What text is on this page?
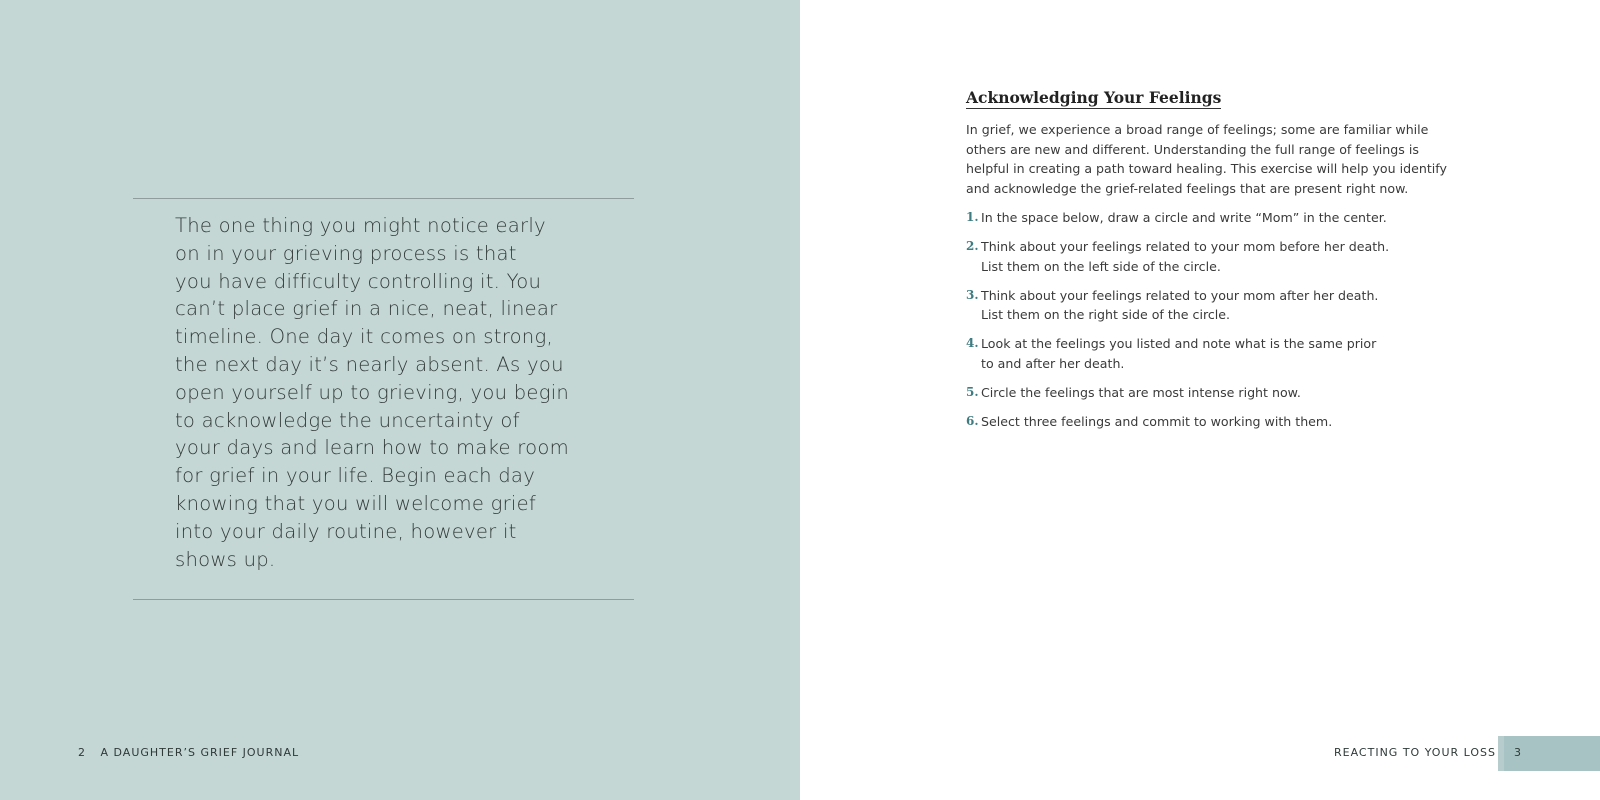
The one thing you might notice early
on in your grieving process is that
you have difficulty controlling it. You
can’t place grief in a nice, neat, linear
timeline. One day it comes on strong,
the next day it’s nearly absent. As you
open yourself up to grieving, you begin
to acknowledge the uncertainty of
your days and learn how to make room
for grief in your life. Begin each day
knowing that you will welcome grief
into your daily routine, however it
shows up.
2 A DAUGHTER’S GRIEF JOURNAL
Acknowledging Your Feelings
In grief, we experience a broad range of feelings; some are familiar while
others are new and different. Understanding the full range of feelings is
helpful in creating a path toward healing. This exercise will help you identify
and acknowledge the grief-related feelings that are present right now.
1. In the space below, draw a circle and write “Mom” in the center.
2. Think about your feelings related to your mom before her death.
List them on the left side of the circle.
3. Think about your feelings related to your mom after her death.
List them on the right side of the circle.
4. Look at the feelings you listed and note what is the same prior
to and after her death.
5. Circle the feelings that are most intense right now.
6. Select three feelings and commit to working with them.
REACTING TO YOUR LOSS 3
